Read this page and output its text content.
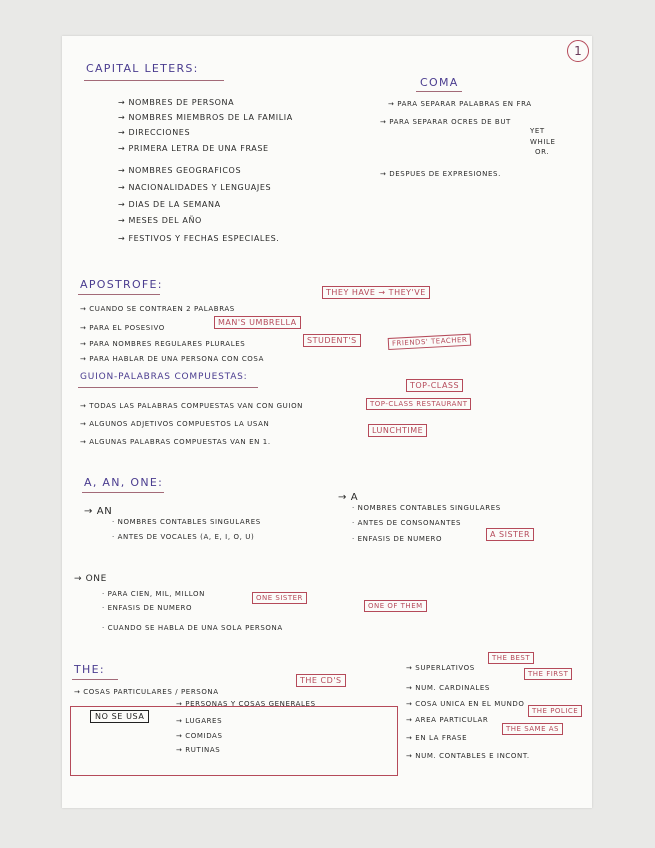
1
CAPITAL LETERS:
→ NOMBRES DE PERSONA
→ NOMBRES MIEMBROS DE LA FAMILIA
→ DIRECCIONES
→ PRIMERA LETRA DE UNA FRASE
→ NOMBRES GEOGRAFICOS
→ NACIONALIDADES Y LENGUAJES
→ DIAS DE LA SEMANA
→ MESES DEL AÑO
→ FESTIVOS Y FECHAS ESPECIALES.
COMA
→ PARA SEPARAR PALABRAS EN FRA
→ PARA SEPARAR OCRES DE BUT
YET
WHILE
OR.
→ DESPUES DE EXPRESIONES.
APOSTROFE:
→ CUANDO SE CONTRAEN 2 PALABRAS
THEY HAVE → THEY'VE
→ PARA EL POSESIVO
MAN'S UMBRELLA
→ PARA NOMBRES REGULARES PLURALES	STUDENT'S
→ PARA HABLAR DE UNA PERSONA CON COSA
FRIENDS' TEACHER
GUION-PALABRAS COMPUESTAS:
→ TODAS LAS PALABRAS COMPUESTAS VAN CON GUION
TOP-CLASS
→ ALGUNOS ADJETIVOS COMPUESTOS LA USAN
TOP-CLASS RESTAURANT
→ ALGUNAS PALABRAS COMPUESTAS VAN EN 1.
LUNCHTIME
A, AN, ONE:
→ AN
· NOMBRES CONTABLES SINGULARES
· ANTES DE VOCALES (A, E, I, O, U)
→ A
· NOMBRES CONTABLES SINGULARES
· ANTES DE CONSONANTES
· ENFASIS DE NUMERO	A SISTER
→ ONE
· PARA CIEN, MIL, MILLON
· ENFASIS DE NUMERO
ONE SISTER
· CUANDO SE HABLA DE UNA SOLA PERSONA
ONE OF THEM
THE:
→ COSAS PARTICULARES / PERSONA
THE CD'S
NO SE USA
→ PERSONAS Y COSAS GENERALES
→ LUGARES
→ COMIDAS
→ RUTINAS
→ SUPERLATIVOS
THE BEST
→ NUM. CARDINALES
THE FIRST
→ COSA UNICA EN EL MUNDO
→ AREA PARTICULAR
THE POLICE
→ EN LA FRASE
THE SAME AS
→ NUM. CONTABLES E INCONT.
